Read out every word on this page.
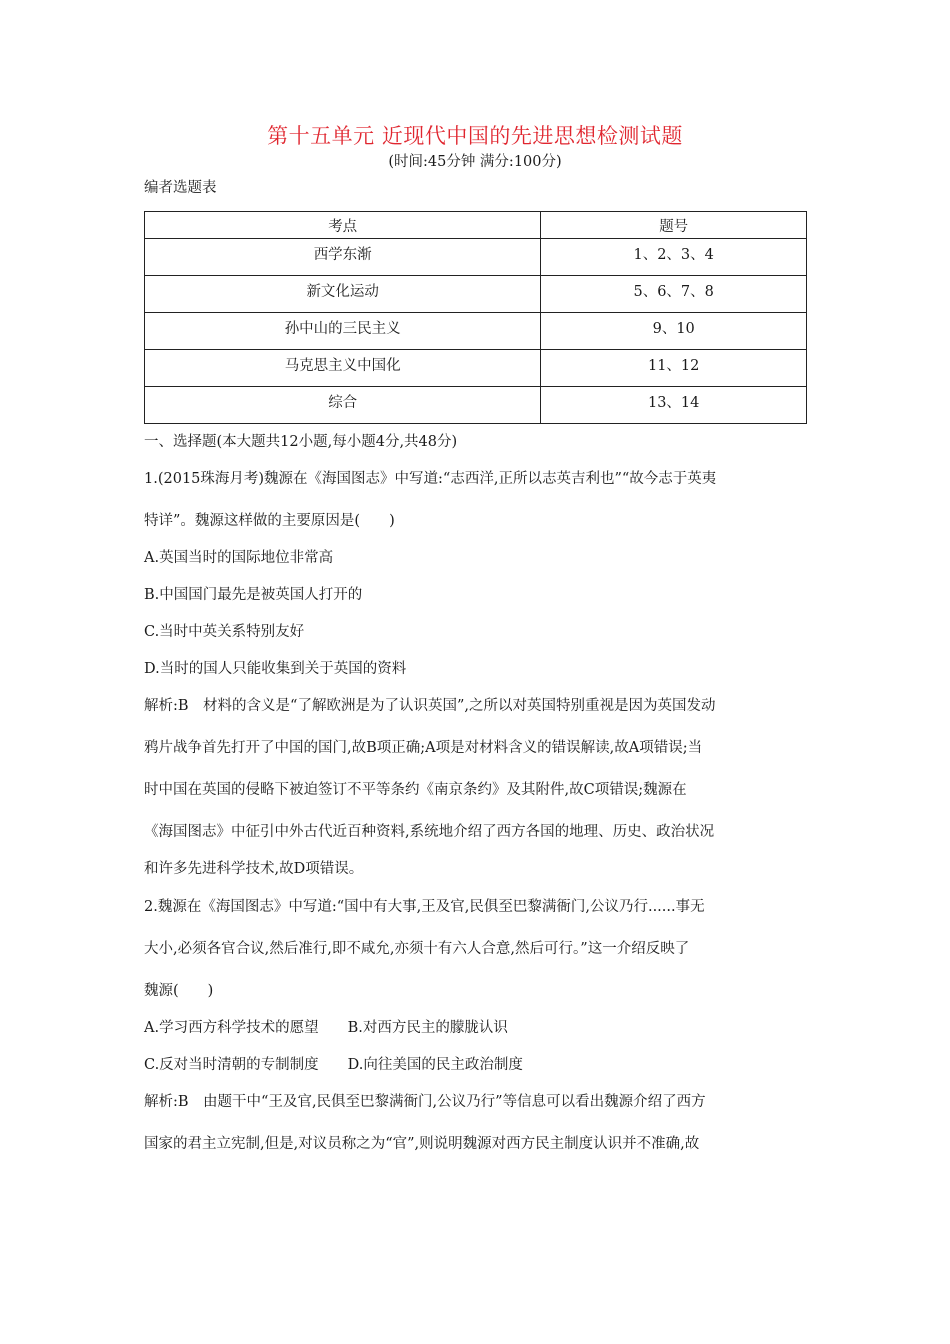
第十五单元 近现代中国的先进思想检测试题
(时间:45分钟 满分:100分)
编者选题表
考点	题号
西学东渐	1、2、3、4
新文化运动	5、6、7、8
孙中山的三民主义	9、10
马克思主义中国化	11、12
综合	13、14
一、选择题(本大题共12小题,每小题4分,共48分)
1.(2015珠海月考)魏源在《海国图志》中写道:“志西洋,正所以志英吉利也”“故今志于英夷
特详”。魏源这样做的主要原因是(　　)
A.英国当时的国际地位非常高
B.中国国门最先是被英国人打开的
C.当时中英关系特别友好
D.当时的国人只能收集到关于英国的资料
解析:B　材料的含义是“了解欧洲是为了认识英国”,之所以对英国特别重视是因为英国发动
鸦片战争首先打开了中国的国门,故B项正确;A项是对材料含义的错误解读,故A项错误;当
时中国在英国的侵略下被迫签订不平等条约《南京条约》及其附件,故C项错误;魏源在
《海国图志》中征引中外古代近百种资料,系统地介绍了西方各国的地理、历史、政治状况
和许多先进科学技术,故D项错误。
2.魏源在《海国图志》中写道:“国中有大事,王及官,民俱至巴黎满衙门,公议乃行......事无
大小,必须各官合议,然后准行,即不咸允,亦须十有六人合意,然后可行。”这一介绍反映了
魏源(　　)
A.学习西方科学技术的愿望　　B.对西方民主的朦胧认识
C.反对当时清朝的专制制度　　D.向往美国的民主政治制度
解析:B　由题干中“王及官,民俱至巴黎满衙门,公议乃行”等信息可以看出魏源介绍了西方
国家的君主立宪制,但是,对议员称之为“官”,则说明魏源对西方民主制度认识并不准确,故
